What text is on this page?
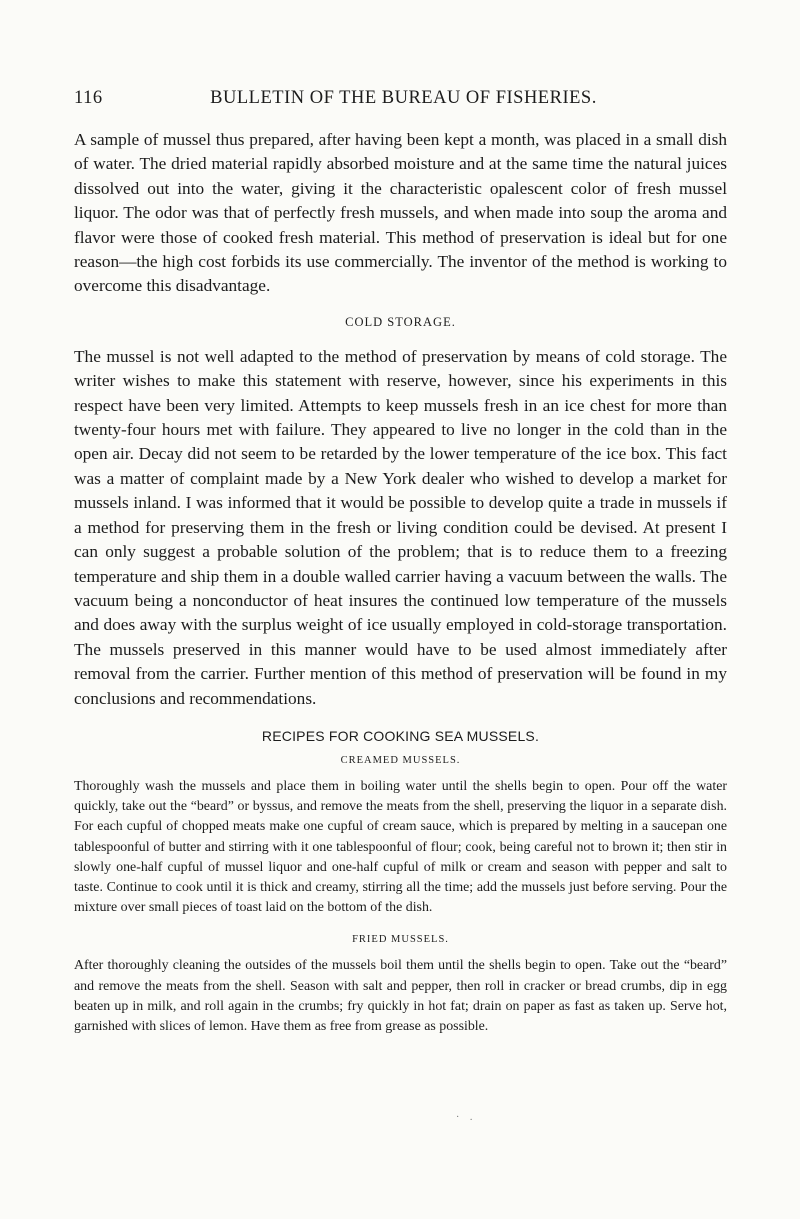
116	BULLETIN OF THE BUREAU OF FISHERIES.

A sample of mussel thus prepared, after having been kept a month, was placed in a small dish of water. The dried material rapidly absorbed moisture and at the same time the natural juices dissolved out into the water, giving it the characteristic opalescent color of fresh mussel liquor. The odor was that of perfectly fresh mussels, and when made into soup the aroma and flavor were those of cooked fresh material. This method of preservation is ideal but for one reason—the high cost forbids its use commercially. The inventor of the method is working to overcome this disadvantage.

COLD STORAGE.

The mussel is not well adapted to the method of preservation by means of cold storage. The writer wishes to make this statement with reserve, however, since his experiments in this respect have been very limited. Attempts to keep mussels fresh in an ice chest for more than twenty-four hours met with failure. They appeared to live no longer in the cold than in the open air. Decay did not seem to be retarded by the lower temperature of the ice box. This fact was a matter of complaint made by a New York dealer who wished to develop a market for mussels inland. I was informed that it would be possible to develop quite a trade in mussels if a method for preserving them in the fresh or living condition could be devised. At present I can only suggest a probable solution of the problem; that is to reduce them to a freezing temperature and ship them in a double walled carrier having a vacuum between the walls. The vacuum being a nonconductor of heat insures the continued low temperature of the mussels and does away with the surplus weight of ice usually employed in cold-storage transportation. The mussels preserved in this manner would have to be used almost immediately after removal from the carrier. Further mention of this method of preservation will be found in my conclusions and recommendations.

RECIPES FOR COOKING SEA MUSSELS.
CREAMED MUSSELS.

Thoroughly wash the mussels and place them in boiling water until the shells begin to open. Pour off the water quickly, take out the “beard” or byssus, and remove the meats from the shell, preserving the liquor in a separate dish. For each cupful of chopped meats make one cupful of cream sauce, which is prepared by melting in a saucepan one tablespoonful of butter and stirring with it one tablespoonful of flour; cook, being careful not to brown it; then stir in slowly one-half cupful of mussel liquor and one-half cupful of milk or cream and season with pepper and salt to taste. Continue to cook until it is thick and creamy, stirring all the time; add the mussels just before serving. Pour the mixture over small pieces of toast laid on the bottom of the dish.

FRIED MUSSELS.

After thoroughly cleaning the outsides of the mussels boil them until the shells begin to open. Take out the “beard” and remove the meats from the shell. Season with salt and pepper, then roll in cracker or bread crumbs, dip in egg beaten up in milk, and roll again in the crumbs; fry quickly in hot fat; drain on paper as fast as taken up. Serve hot, garnished with slices of lemon. Have them as free from grease as possible.

· .
